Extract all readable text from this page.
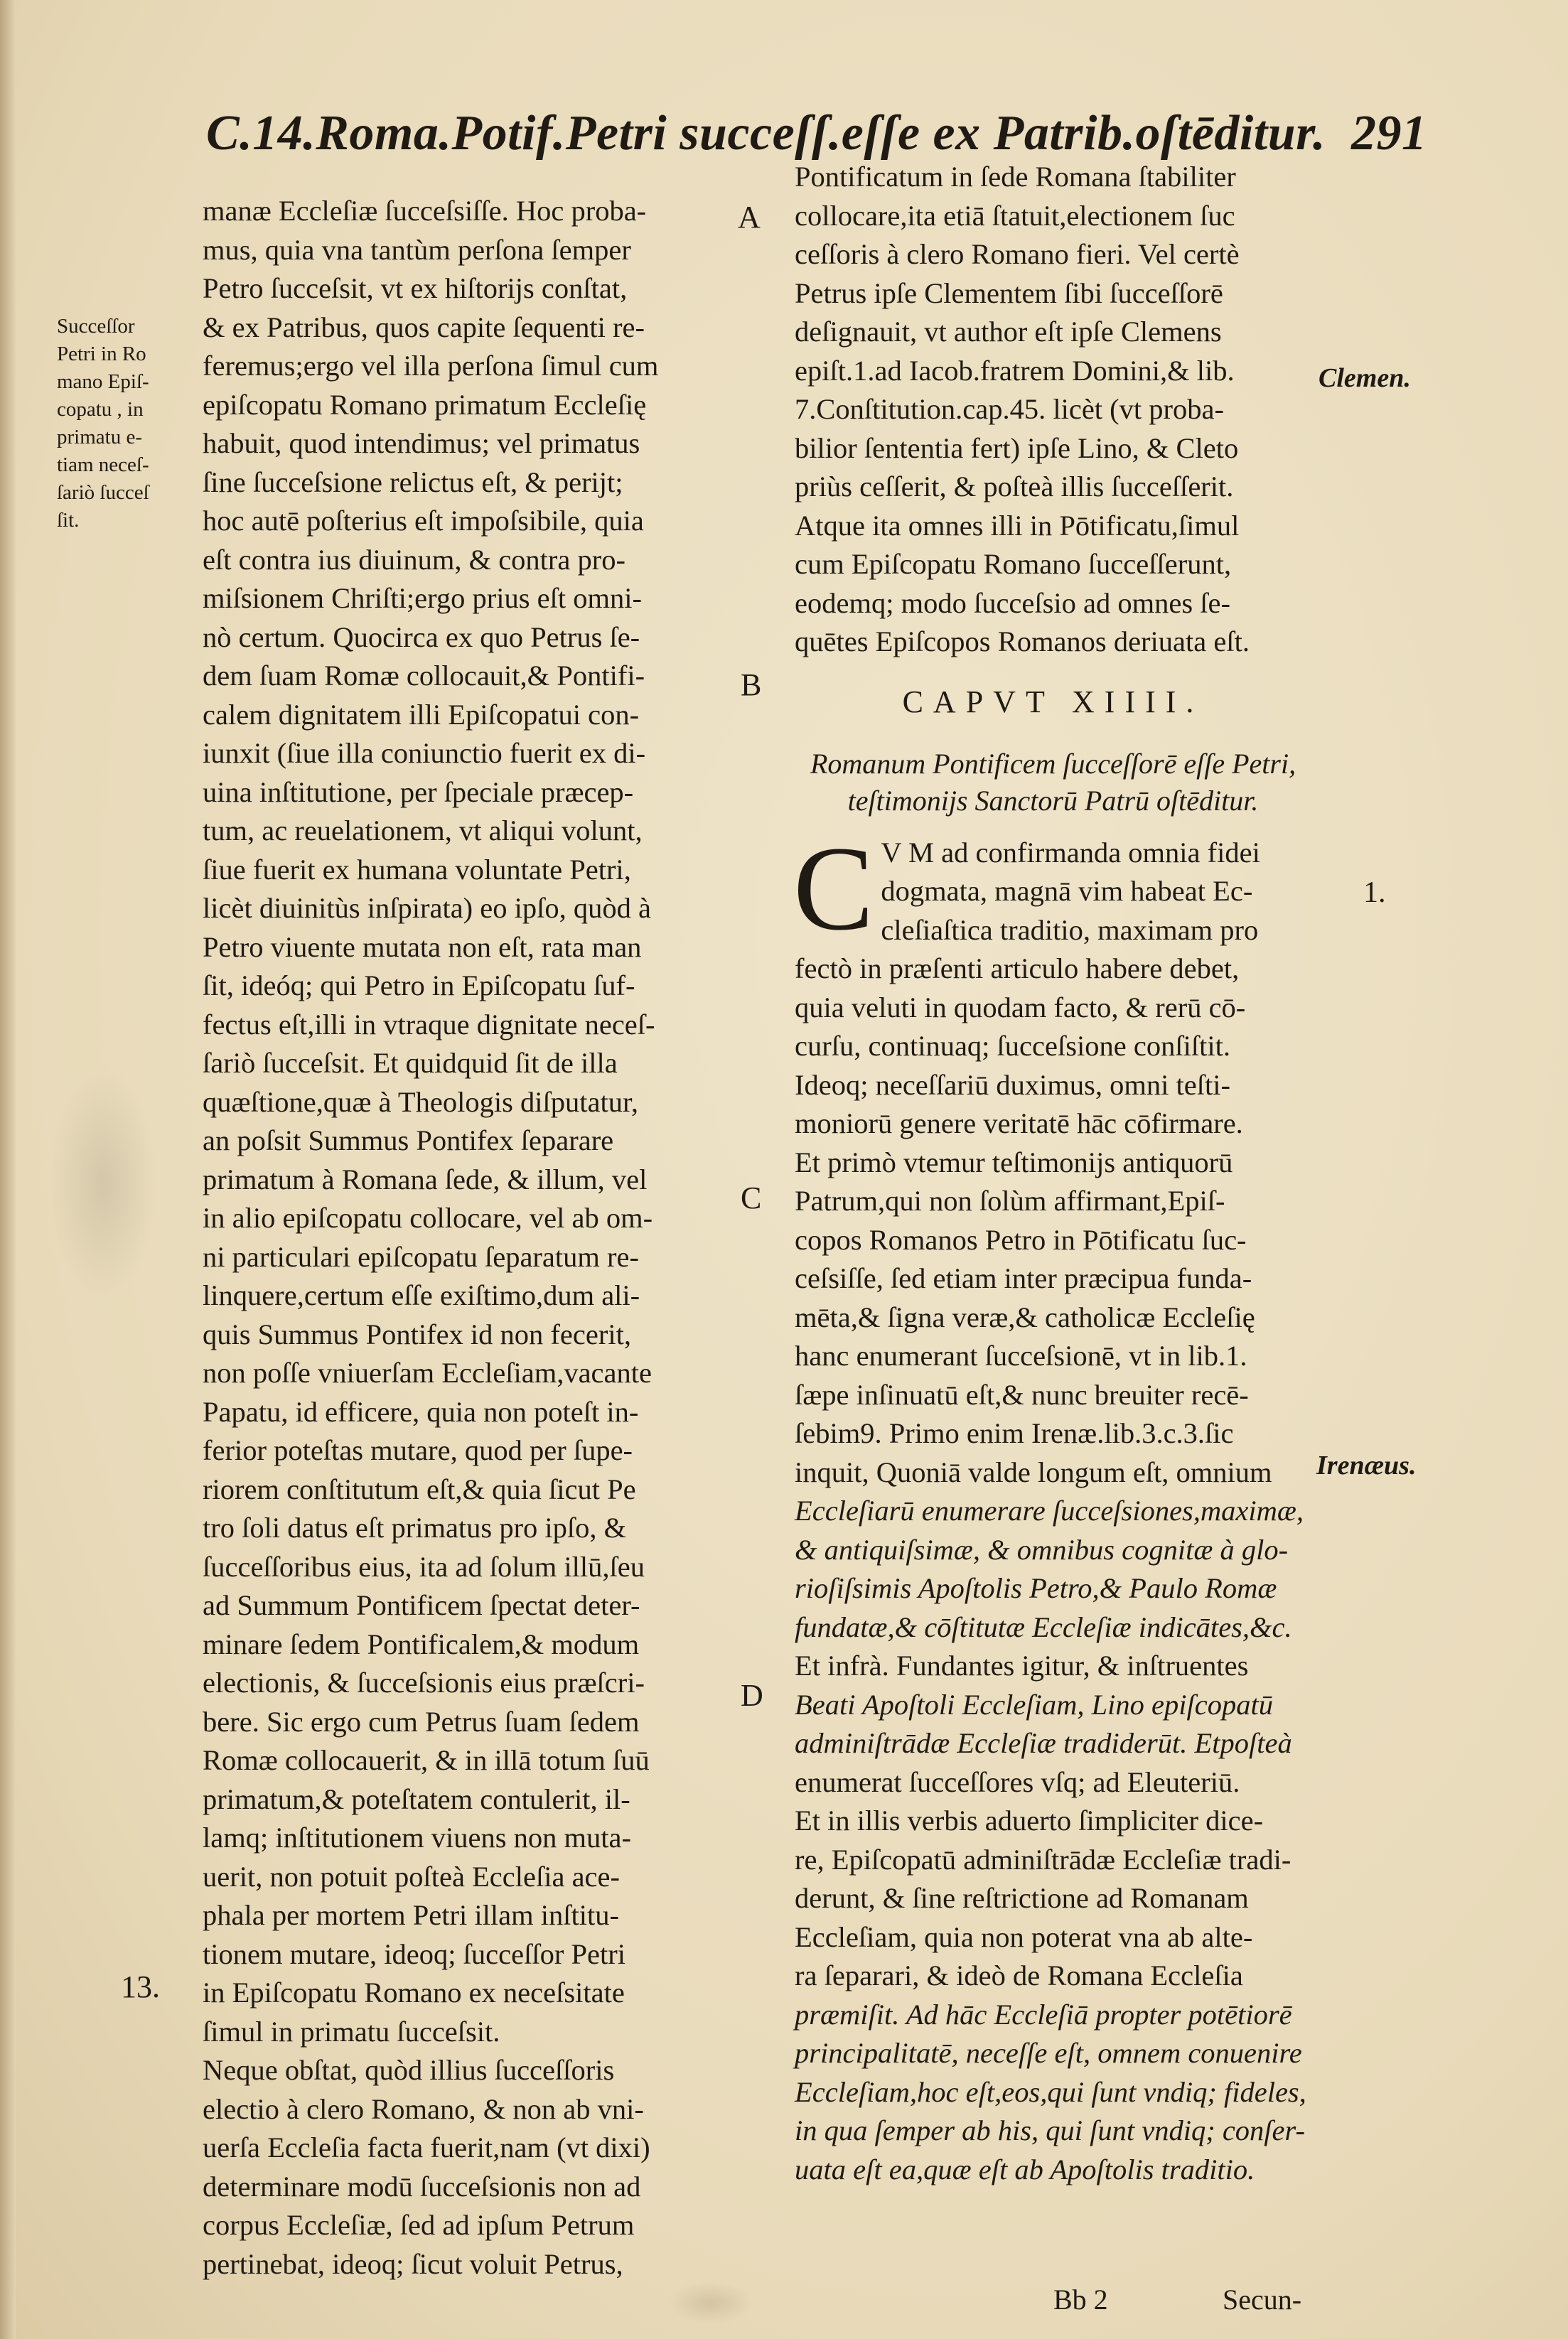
C.14.Roma.Potif.Petri succeſſ.eſſe ex Patrib.oſtēditur. 291
Succeſſor
Petri in Ro
mano Epiſ-
copatu , in
primatu e-
tiam neceſ-
ſariò ſucceſ
ſit.
13.
A
B
C
D
manæ Eccleſiæ ſucceſsiſſe. Hoc proba-
mus, quia vna tantùm perſona ſemper
Petro ſucceſsit, vt ex hiſtorijs conſtat,
& ex Patribus, quos capite ſequenti re-
feremus;ergo vel illa perſona ſimul cum
epiſcopatu Romano primatum Eccleſię
habuit, quod intendimus; vel primatus
ſine ſucceſsione relictus eſt, & perijt;
hoc autē poſterius eſt impoſsibile, quia
eſt contra ius diuinum, & contra pro-
miſsionem Chriſti;ergo prius eſt omni-
nò certum. Quocirca ex quo Petrus ſe-
dem ſuam Romæ collocauit,& Pontifi-
calem dignitatem illi Epiſcopatui con-
iunxit (ſiue illa coniunctio fuerit ex di-
uina inſtitutione, per ſpeciale præcep-
tum, ac reuelationem, vt aliqui volunt,
ſiue fuerit ex humana voluntate Petri,
licèt diuinitùs inſpirata) eo ipſo, quòd à
Petro viuente mutata non eſt, rata man
ſit, ideóq; qui Petro in Epiſcopatu ſuf-
fectus eſt,illi in vtraque dignitate neceſ-
ſariò ſucceſsit. Et quidquid ſit de illa
quæſtione,quæ à Theologis diſputatur,
an poſsit Summus Pontifex ſeparare
primatum à Romana ſede, & illum, vel
in alio epiſcopatu collocare, vel ab om-
ni particulari epiſcopatu ſeparatum re-
linquere,certum eſſe exiſtimo,dum ali-
quis Summus Pontifex id non fecerit,
non poſſe vniuerſam Eccleſiam,vacante
Papatu, id efficere, quia non poteſt in-
ferior poteſtas mutare, quod per ſupe-
riorem conſtitutum eſt,& quia ſicut Pe
tro ſoli datus eſt primatus pro ipſo, &
ſucceſſoribus eius, ita ad ſolum illū,ſeu
ad Summum Pontificem ſpectat deter-
minare ſedem Pontificalem,& modum
electionis, & ſucceſsionis eius præſcri-
bere. Sic ergo cum Petrus ſuam ſedem
Romæ collocauerit, & in illā totum ſuū
primatum,& poteſtatem contulerit, il-
lamq; inſtitutionem viuens non muta-
uerit, non potuit poſteà Eccleſia ace-
phala per mortem Petri illam inſtitu-
tionem mutare, ideoq; ſucceſſor Petri
in Epiſcopatu Romano ex neceſsitate
ſimul in primatu ſucceſsit.
Neque obſtat, quòd illius ſucceſſoris
electio à clero Romano, & non ab vni-
uerſa Eccleſia facta fuerit,nam (vt dixi)
determinare modū ſucceſsionis non ad
corpus Eccleſiæ, ſed ad ipſum Petrum
pertinebat, ideoq; ſicut voluit Petrus,
Pontificatum in ſede Romana ſtabiliter
collocare,ita etiā ſtatuit,electionem ſuc
ceſſoris à clero Romano fieri. Vel certè
Petrus ipſe Clementem ſibi ſucceſſorē
deſignauit, vt author eſt ipſe Clemens
epiſt.1.ad Iacob.fratrem Domini,& lib.
7.Conſtitution.cap.45. licèt (vt proba-
bilior ſententia fert) ipſe Lino, & Cleto
priùs ceſſerit, & poſteà illis ſucceſſerit.
Atque ita omnes illi in Pōtificatu,ſimul
cum Epiſcopatu Romano ſucceſſerunt,
eodemq; modo ſucceſsio ad omnes ſe-
quētes Epiſcopos Romanos deriuata eſt.
CAPVT XIIII.
Romanum Pontificem ſucceſſorē eſſe Petri,
teſtimonijs Sanctorū Patrū oſtēditur.
C V M ad confirmanda omnia fidei
dogmata, magnā vim habeat Ec-
cleſiaſtica traditio, maximam pro
fectò in præſenti articulo habere debet,
quia veluti in quodam facto, & rerū cō-
curſu, continuaq; ſucceſsione conſiſtit.
Ideoq; neceſſariū duximus, omni teſti-
moniorū genere veritatē hāc cōfirmare.
Et primò vtemur teſtimonijs antiquorū
Patrum,qui non ſolùm affirmant,Epiſ-
copos Romanos Petro in Pōtificatu ſuc-
ceſsiſſe, ſed etiam inter præcipua funda-
mēta,& ſigna veræ,& catholicæ Eccleſię
hanc enumerant ſucceſsionē, vt in lib.1.
ſæpe inſinuatū eſt,& nunc breuiter recē-
ſebim9. Primo enim Irenæ.lib.3.c.3.ſic
inquit, Quoniā valde longum eſt, omnium
Eccleſiarū enumerare ſucceſsiones,maximæ,
& antiquiſsimæ, & omnibus cognitæ à glo-
rioſiſsimis Apoſtolis Petro,& Paulo Romæ
fundatæ,& cōſtitutæ Eccleſiæ indicātes,&c.
Et infrà. Fundantes igitur, & inſtruentes
Beati Apoſtoli Eccleſiam, Lino epiſcopatū
adminiſtrādæ Eccleſiæ tradiderūt. Etpoſteà
enumerat ſucceſſores vſq; ad Eleuteriū.
Et in illis verbis aduerto ſimpliciter dice-
re, Epiſcopatū adminiſtrādæ Eccleſiæ tradi-
derunt, & ſine reſtrictione ad Romanam
Eccleſiam, quia non poterat vna ab alte-
ra ſeparari, & ideò de Romana Eccleſia
præmiſit. Ad hāc Eccleſiā propter potētiorē
principalitatē, neceſſe eſt, omnem conuenire
Eccleſiam,hoc eſt,eos,qui ſunt vndiq; fideles,
in qua ſemper ab his, qui ſunt vndiq; conſer-
uata eſt ea,quæ eſt ab Apoſtolis traditio.
Clemen.
1.
Irenæus.
Bb 2	Secun-
